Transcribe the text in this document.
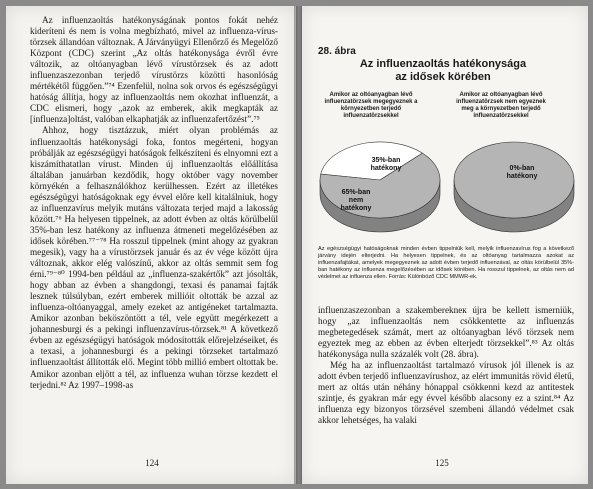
Az influenzaoltás hatékonyságának pontos fokát nehéz kideríteni és nem is volna megbízható, mivel az influenza-vírus-törzsek állandóan változnak. A Járványügyi Ellenőrző és Megelőző Központ (CDC) szerint „Az oltás hatékonysága évről évre változik, az oltóanyagban lévő vírustörzsek és az adott influenzaszezonban terjedő vírustörzs közötti hasonlóság mértékétől függően.”⁷⁴ Ezenfelül, nolna sok orvos és egészségügyi hatóság állítja, hogy az influenzaoltás nem okozhat influenzát, a CDC elismeri, hogy „azok az emberek, akik megkapták az [influenza]oltást, valóban elkaphatják az influenzafertőzést”.⁷⁵

Ahhoz, hogy tisztázzuk, miért olyan problémás az influenzaoltás hatékonysági foka, fontos megérteni, hogyan próbálják az egészségügyi hatóságok felkészíteni és elnyomni ezt a kiszámíthatatlan vírust. Minden új influenzaoltás előállítása általában januárban kezdődik, hogy október vagy november környékén a felhasználókhoz kerülhessen. Ezért az illetékes egészségügyi hatóságoknak egy évvel előre kell kitalálniuk, hogy az influenzavírus melyik mutáns változata terjed majd a lakosság között.⁷⁶ Ha helyesen tippelnek, az adott évben az oltás körülbelül 35%-ban lesz hatékony az influenza átmeneti megelőzésében az idősek körében.⁷⁷⁻⁷⁸ Ha rosszul tippelnek (mint ahogy az gyakran megesik), vagy ha a vírustörzsek január és az év vége között újra változnak, akkor elég valószínű, akkor az oltás semmit sem fog érni.⁷⁹⁻⁸⁰ 1994-ben például az „influenza-szakértők” azt jósolták, hogy abban az évben a shangdongi, texasi és panamai fajták lesznek túlsúlyban, ezért emberek millióit oltották be azzal az influenza-oltóanyaggal, amely ezeket az antigéneket tartalmazta. Amikor azonban beköszöntött a tél, vele együtt megérkezett a johannesburgi és a pekingi influenzavírus-törzsek.⁸¹ A következő évben az egészségügyi hatóságok módosították előrejelzéseiket, és a texasi, a johannesburgi és a pekingi törzseket tartalmazó influenzaoltást állították elő. Megint több millió embert oltottak be. Amikor azonban eljött a tél, az influenza wuhan törzse kezdett el terjedni.⁸² Az 1997–1998-as

124
28. ábra
Az influenzaoltás hatékonysága
az idősek körében
Amikor az oltóanyagban lévő influenzatörzsek megegyeznek a környezetben terjedő influenzatörzsekkel
Amikor az oltóanyagban lévő influenzatörzsek nem egyeznek meg a környezetben terjedő influenzatörzsekkel
35%-ban hatékony
65%-ban nem hatékony
0%-ban hatékony
Az egészségügyi hatóságoknak minden évben tippelniük kell, melyik influenzavírus fog a következő járvány idején elterjedni. Ha helyesen tippelnek, és az oltóanyag tartalmazza azokat az influenzafajtákat, amelyek megegyeznek az adott évben terjedő influenzával, az oltás körülbelül 35%-ban hatékony az influenza megelőzésében az idősek körében. Ha rosszul tippelnek, az oltás nem ad védelmet az influenza ellen. Forrás: Különböző CDC MMWR-ek.

influenzaszezonban a szakemberekneк újra be kellett ismerniük, hogy „az influenzaoltás nem csökkentette az influenzás megbetegedések számát, mert az oltóanyagban lévő törzsek nem egyeztek meg az ebben az évben elterjedt törzsekkel”.⁸³ Az oltás hatékonysága nulla százalék volt (28. ábra).

Még ha az influenzaoltást tartalmazó vírusok jól illenek is az adott évben terjedő influenzavírushoz, az elért immunitás rövid életű, mert az oltás után néhány hónappal csökkenni kezd az antitestek szintje, és gyakran már egy évvel később alacsony ez a szint.⁸⁴ Az influenza egy bizonyos törzsével szembeni állandó védelmet csak akkor lehetséges, ha valaki

125
